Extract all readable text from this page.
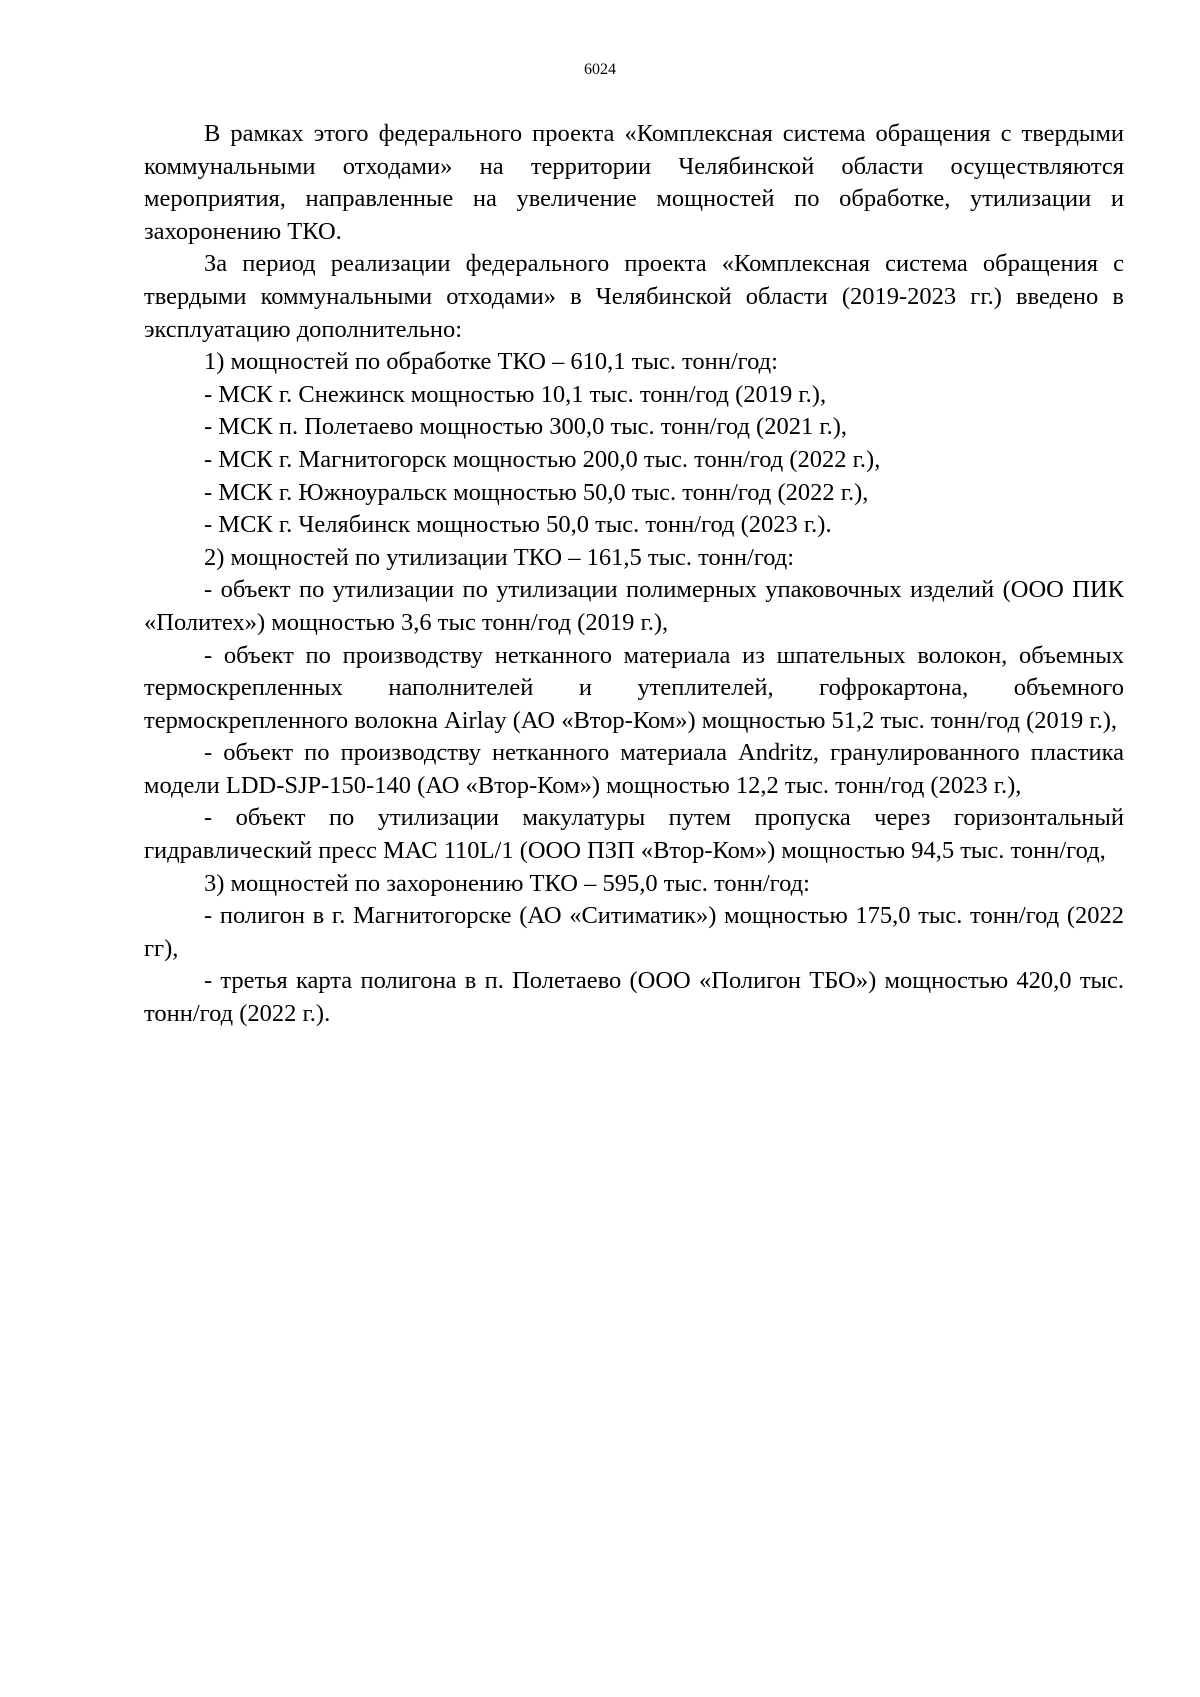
6024

В рамках этого федерального проекта «Комплексная система обращения с твердыми коммунальными отходами» на территории Челябинской области осуществляются мероприятия, направленные на увеличение мощностей по обработке, утилизации и захоронению ТКО.

За период реализации федерального проекта «Комплексная система обращения с твердыми коммунальными отходами» в Челябинской области (2019-2023 гг.) введено в эксплуатацию дополнительно:

1) мощностей по обработке ТКО – 610,1 тыс. тонн/год:

- МСК г. Снежинск мощностью 10,1 тыс. тонн/год (2019 г.),

- МСК п. Полетаево мощностью 300,0 тыс. тонн/год (2021 г.),

- МСК г. Магнитогорск мощностью 200,0 тыс. тонн/год (2022 г.),

- МСК г. Южноуральск мощностью 50,0 тыс. тонн/год (2022 г.),

- МСК г. Челябинск мощностью 50,0 тыс. тонн/год (2023 г.).

2) мощностей по утилизации ТКО – 161,5 тыс. тонн/год:

- объект по утилизации по утилизации полимерных упаковочных изделий (ООО ПИК «Политех») мощностью 3,6 тыс тонн/год (2019 г.),

- объект по производству нетканного материала из шпательных волокон, объемных термоскрепленных наполнителей и утеплителей, гофрокартона, объемного термоскрепленного волокна Airlay (АО «Втор-Ком») мощностью 51,2 тыс. тонн/год (2019 г.),

- объект по производству нетканного материала Andritz, гранулированного пластика модели LDD-SJP-150-140 (АО «Втор-Ком») мощностью 12,2 тыс. тонн/год (2023 г.),

- объект по утилизации макулатуры путем пропуска через горизонтальный гидравлический пресс МАС 110L/1 (ООО ПЗП «Втор-Ком») мощностью 94,5 тыс. тонн/год,

3) мощностей по захоронению ТКО – 595,0 тыс. тонн/год:

- полигон в г. Магнитогорске (АО «Ситиматик») мощностью 175,0 тыс. тонн/год (2022 гг),

- третья карта полигона в п. Полетаево (ООО «Полигон ТБО») мощностью 420,0 тыс. тонн/год (2022 г.).
